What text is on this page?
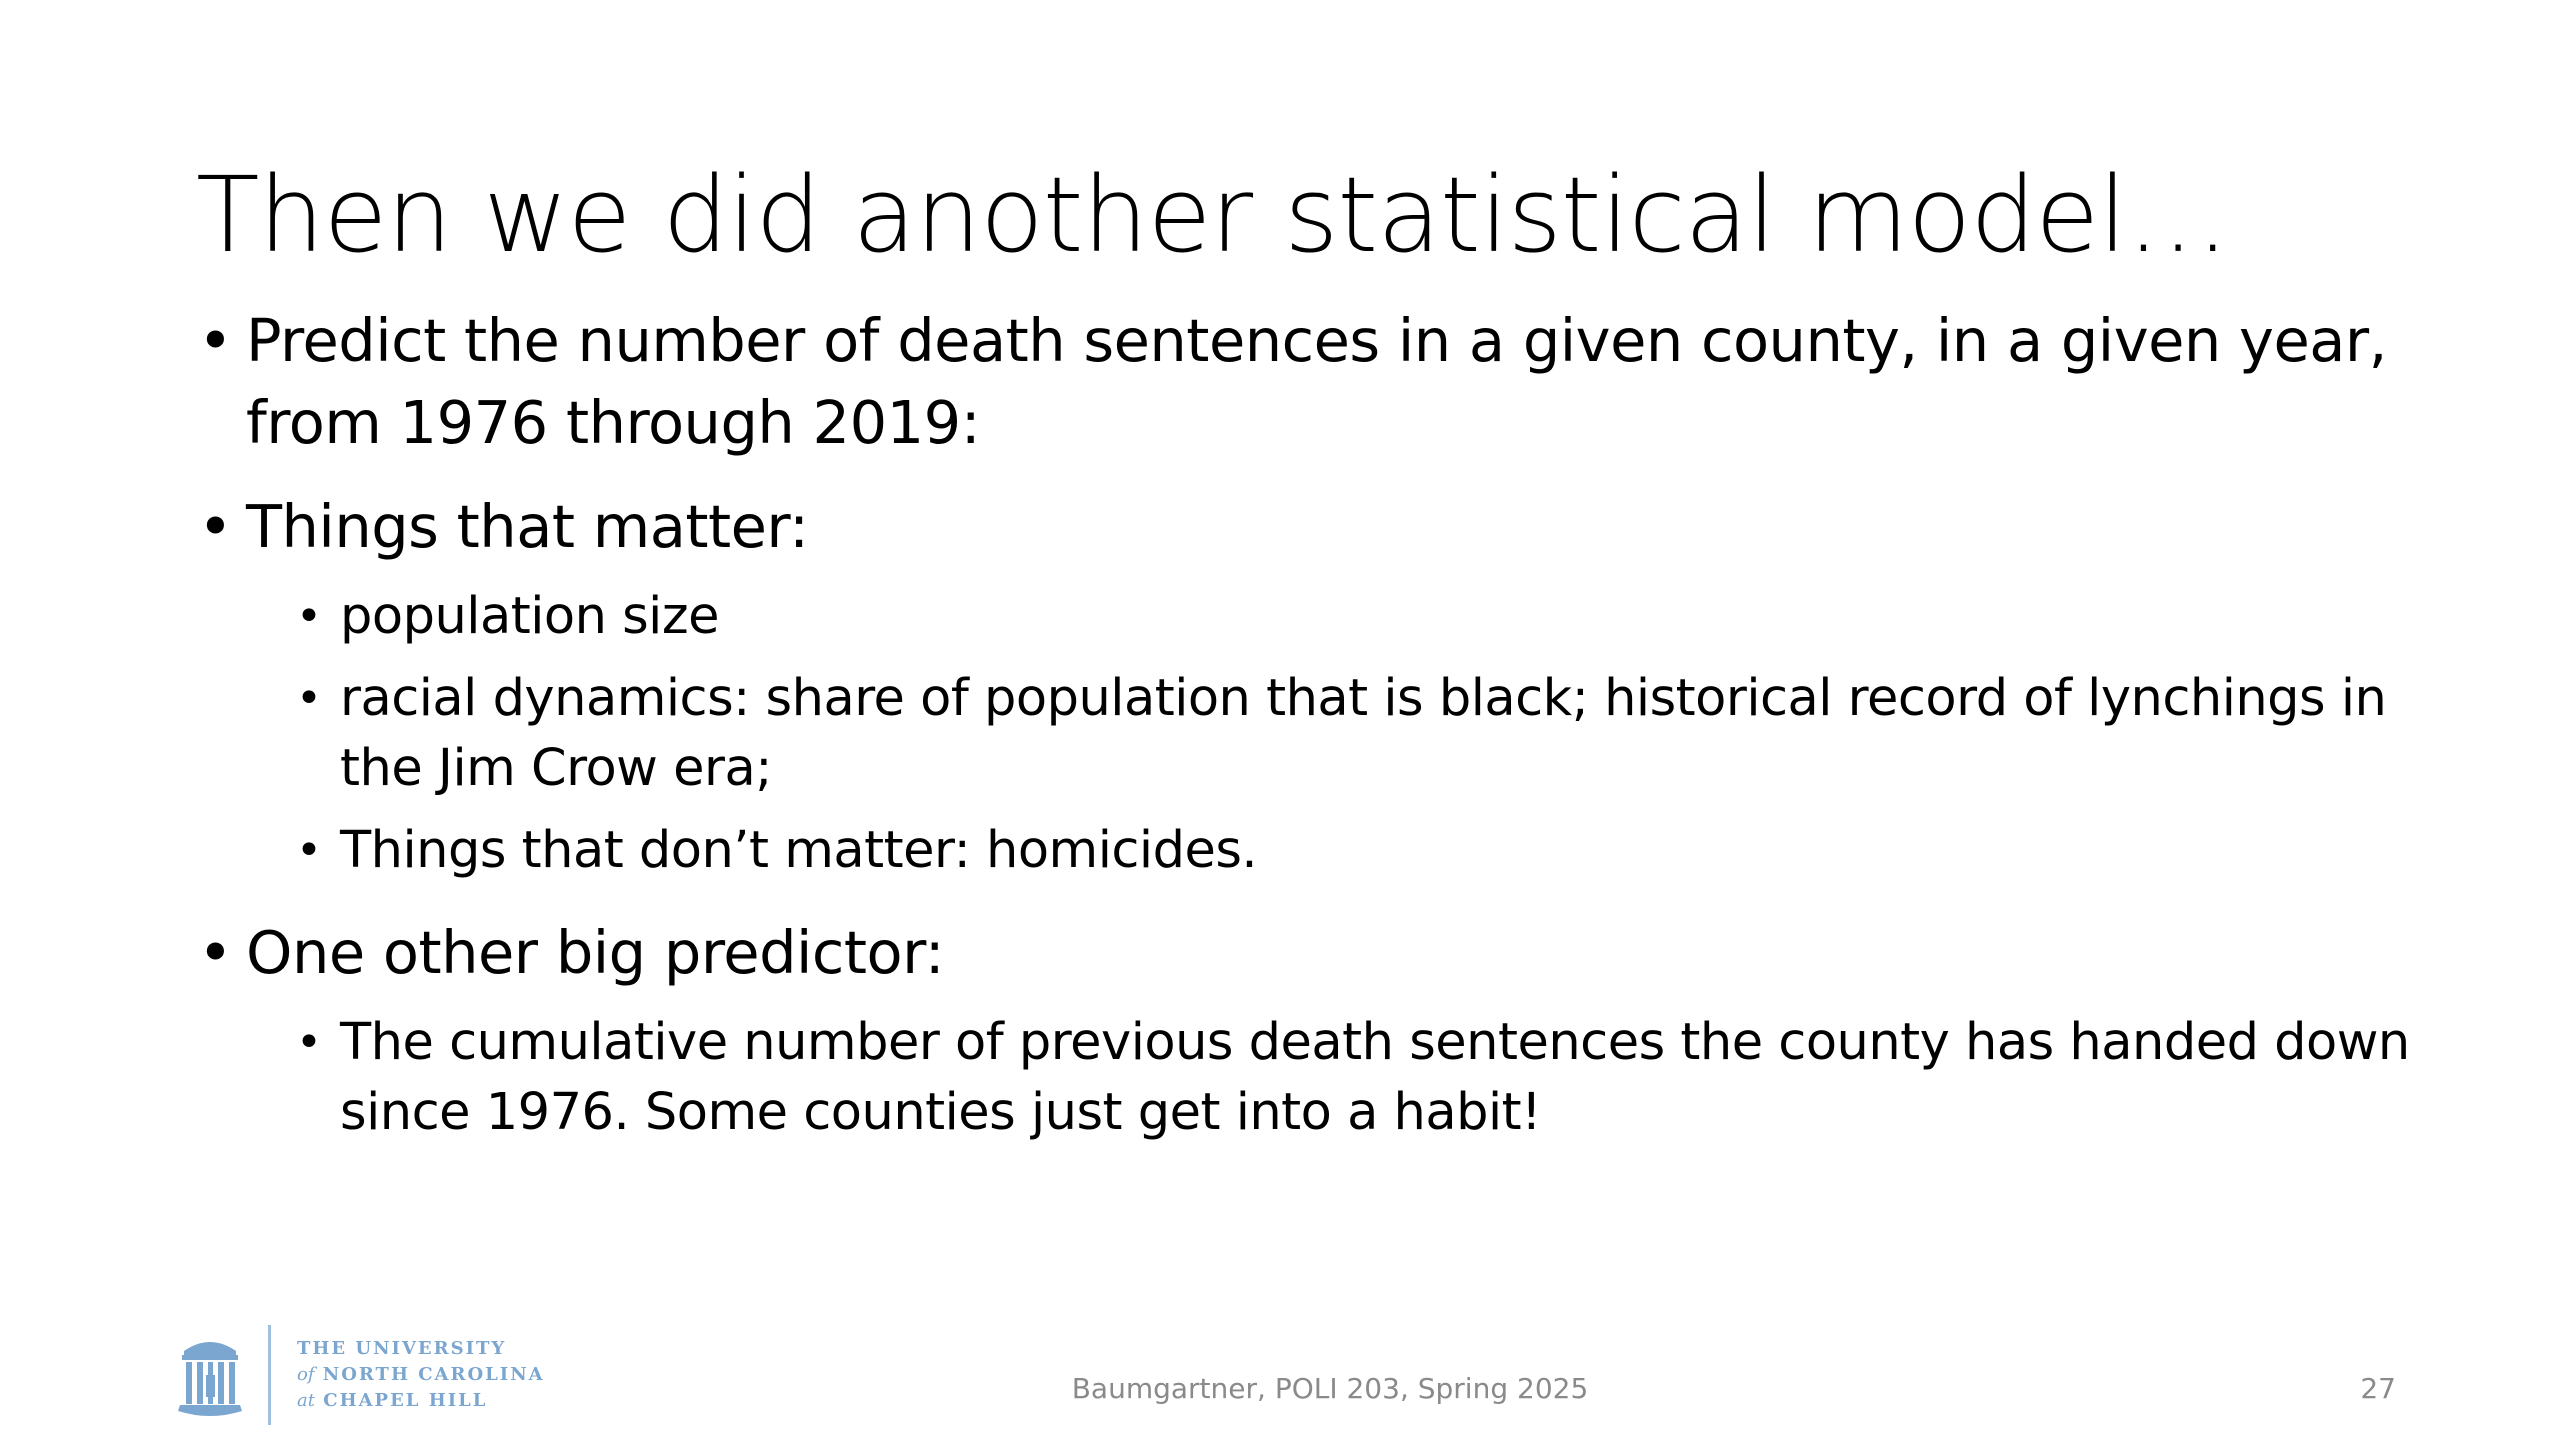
Then we did another statistical model…
• Predict the number of death sentences in a given county, in a given year, from 1976 through 2019:
• Things that matter:
• population size
• racial dynamics: share of population that is black; historical record of lynchings in the Jim Crow era;
• Things that don’t matter: homicides.
• One other big predictor:
• The cumulative number of previous death sentences the county has handed down since 1976. Some counties just get into a habit!
THE UNIVERSITY
of NORTH CAROLINA
at CHAPEL HILL	Baumgartner, POLI 203, Spring 2025	27
